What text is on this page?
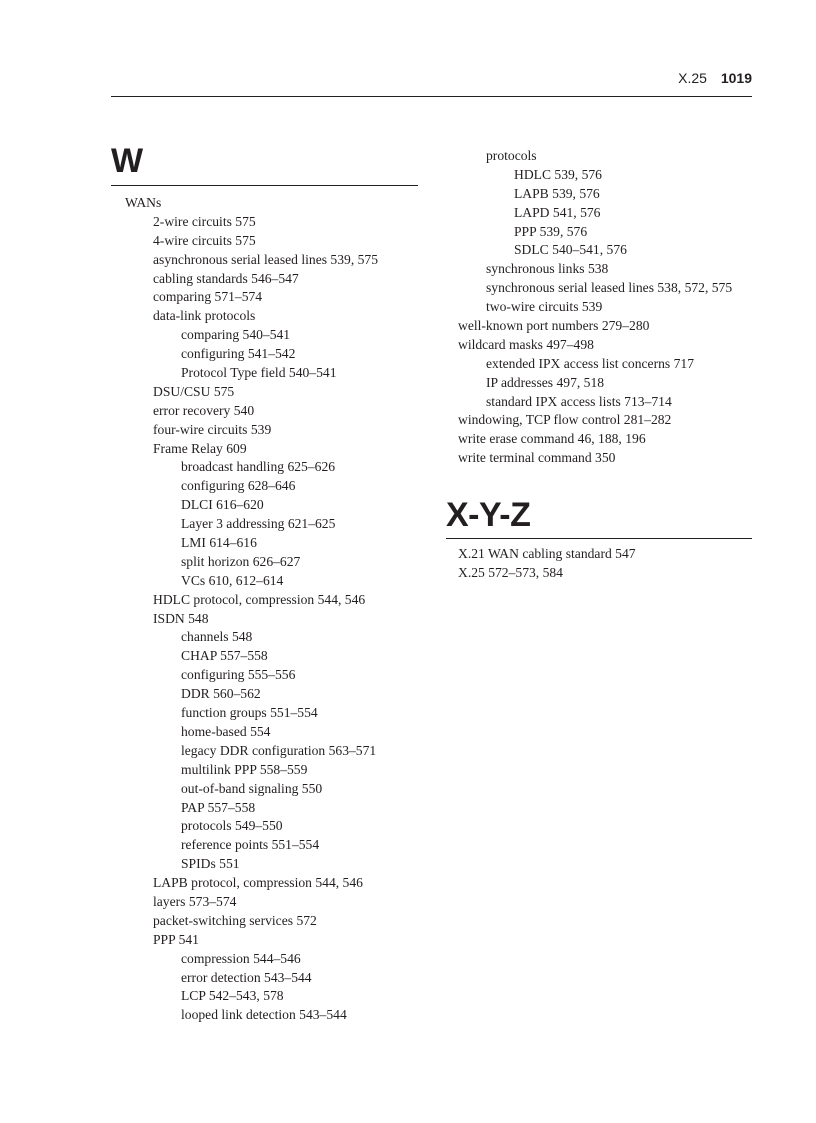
X.25 1019
W
WANs
2-wire circuits 575
4-wire circuits 575
asynchronous serial leased lines 539, 575
cabling standards 546–547
comparing 571–574
data-link protocols
comparing 540–541
configuring 541–542
Protocol Type field 540–541
DSU/CSU 575
error recovery 540
four-wire circuits 539
Frame Relay 609
broadcast handling 625–626
configuring 628–646
DLCI 616–620
Layer 3 addressing 621–625
LMI 614–616
split horizon 626–627
VCs 610, 612–614
HDLC protocol, compression 544, 546
ISDN 548
channels 548
CHAP 557–558
configuring 555–556
DDR 560–562
function groups 551–554
home-based 554
legacy DDR configuration 563–571
multilink PPP 558–559
out-of-band signaling 550
PAP 557–558
protocols 549–550
reference points 551–554
SPIDs 551
LAPB protocol, compression 544, 546
layers 573–574
packet-switching services 572
PPP 541
compression 544–546
error detection 543–544
LCP 542–543, 578
looped link detection 543–544
protocols
HDLC 539, 576
LAPB 539, 576
LAPD 541, 576
PPP 539, 576
SDLC 540–541, 576
synchronous links 538
synchronous serial leased lines 538, 572, 575
two-wire circuits 539
well-known port numbers 279–280
wildcard masks 497–498
extended IPX access list concerns 717
IP addresses 497, 518
standard IPX access lists 713–714
windowing, TCP flow control 281–282
write erase command 46, 188, 196
write terminal command 350
X-Y-Z
X.21 WAN cabling standard 547
X.25 572–573, 584
